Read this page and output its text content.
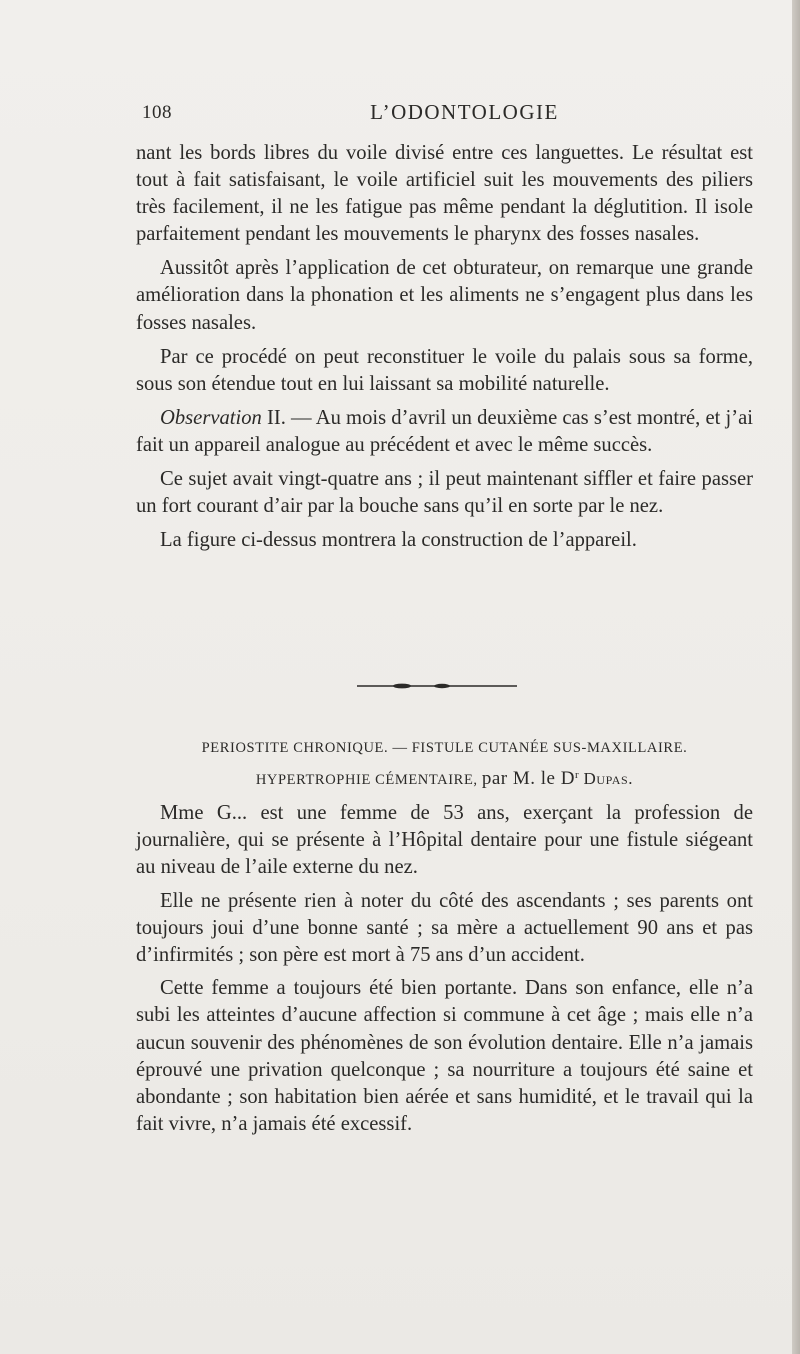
108	L’ODONTOLOGIE

nant les bords libres du voile divisé entre ces languettes. Le résultat est tout à fait satisfaisant, le voile artificiel suit les mouvements des piliers très facilement, il ne les fatigue pas même pendant la déglutition. Il isole parfaitement pendant les mouvements le pharynx des fosses nasales.

Aussitôt après l’application de cet obturateur, on remarque une grande amélioration dans la phonation et les aliments ne s’engagent plus dans les fosses nasales.

Par ce procédé on peut reconstituer le voile du palais sous sa forme, sous son étendue tout en lui laissant sa mobilité naturelle.

Observation II. — Au mois d’avril un deuxième cas s’est montré, et j’ai fait un appareil analogue au précédent et avec le même succès.

Ce sujet avait vingt-quatre ans ; il peut maintenant siffler et faire passer un fort courant d’air par la bouche sans qu’il en sorte par le nez.

La figure ci-dessus montrera la construction de l’appareil.

PERIOSTITE CHRONIQUE. — FISTULE CUTANÉE SUS-MAXILLAIRE.
HYPERTROPHIE CÉMENTAIRE, par M. le $D^r$ Dupas.

Mme G... est une femme de 53 ans, exerçant la profession de journalière, qui se présente à l’Hôpital dentaire pour une fistule siégeant au niveau de l’aile externe du nez.

Elle ne présente rien à noter du côté des ascendants ; ses parents ont toujours joui d’une bonne santé ; sa mère a actuellement 90 ans et pas d’infirmités ; son père est mort à 75 ans d’un accident.

Cette femme a toujours été bien portante. Dans son enfance, elle n’a subi les atteintes d’aucune affection si commune à cet âge ; mais elle n’a aucun souvenir des phénomènes de son évolution dentaire. Elle n’a jamais éprouvé une privation quelconque ; sa nourriture a toujours été saine et abondante ; son habitation bien aérée et sans humidité, et le travail qui la fait vivre, n’a jamais été excessif.
